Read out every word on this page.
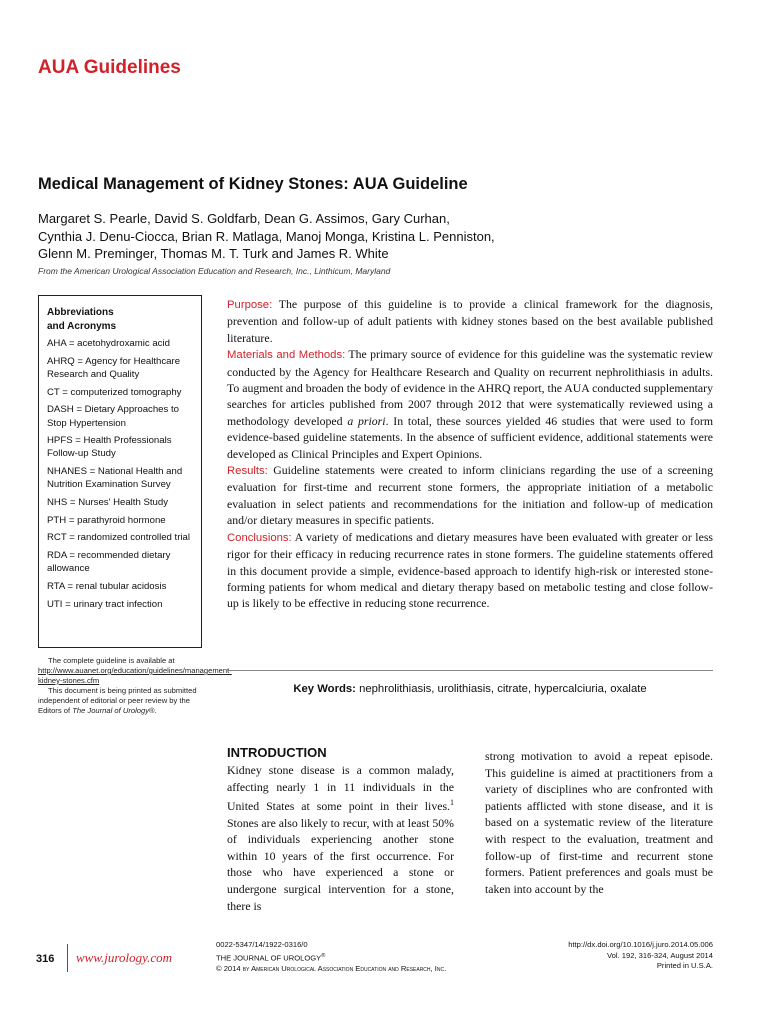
AUA Guidelines
Medical Management of Kidney Stones: AUA Guideline
Margaret S. Pearle, David S. Goldfarb, Dean G. Assimos, Gary Curhan,
Cynthia J. Denu-Ciocca, Brian R. Matlaga, Manoj Monga, Kristina L. Penniston,
Glenn M. Preminger, Thomas M. T. Turk and James R. White
From the American Urological Association Education and Research, Inc., Linthicum, Maryland
Abbreviations
and Acronyms
AHA = acetohydroxamic acid
AHRQ = Agency for Healthcare Research and Quality
CT = computerized tomography
DASH = Dietary Approaches to Stop Hypertension
HPFS = Health Professionals Follow-up Study
NHANES = National Health and Nutrition Examination Survey
NHS = Nurses' Health Study
PTH = parathyroid hormone
RCT = randomized controlled trial
RDA = recommended dietary allowance
RTA = renal tubular acidosis
UTI = urinary tract infection
The complete guideline is available at http://www.auanet.org/education/guidelines/management-kidney-stones.cfm
This document is being printed as submitted independent of editorial or peer review by the Editors of The Journal of Urology®.

Purpose: The purpose of this guideline is to provide a clinical framework for the diagnosis, prevention and follow-up of adult patients with kidney stones based on the best available published literature.

Materials and Methods: The primary source of evidence for this guideline was the systematic review conducted by the Agency for Healthcare Research and Quality on recurrent nephrolithiasis in adults. To augment and broaden the body of evidence in the AHRQ report, the AUA conducted supplementary searches for articles published from 2007 through 2012 that were systematically reviewed using a methodology developed a priori. In total, these sources yielded 46 studies that were used to form evidence-based guideline statements. In the absence of sufficient evidence, additional statements were developed as Clinical Principles and Expert Opinions.

Results: Guideline statements were created to inform clinicians regarding the use of a screening evaluation for first-time and recurrent stone formers, the appropriate initiation of a metabolic evaluation in select patients and recommendations for the initiation and follow-up of medication and/or dietary measures in specific patients.

Conclusions: A variety of medications and dietary measures have been evaluated with greater or less rigor for their efficacy in reducing recurrence rates in stone formers. The guideline statements offered in this document provide a simple, evidence-based approach to identify high-risk or interested stone-forming patients for whom medical and dietary therapy based on metabolic testing and close follow-up is likely to be effective in reducing stone recurrence.

Key Words: nephrolithiasis, urolithiasis, citrate, hypercalciuria, oxalate
INTRODUCTION
Kidney stone disease is a common malady, affecting nearly 1 in 11 individuals in the United States at some point in their lives.$^1$ Stones are also likely to recur, with at least 50% of individuals experiencing another stone within 10 years of the first occurrence. For those who have experienced a stone or undergone surgical intervention for a stone, there is
strong motivation to avoid a repeat episode. This guideline is aimed at practitioners from a variety of disciplines who are confronted with patients afflicted with stone disease, and it is based on a systematic review of the literature with respect to the evaluation, treatment and follow-up of first-time and recurrent stone formers. Patient preferences and goals must be taken into account by the
316 www.jurology.com
0022-5347/14/1922-0316/0
THE JOURNAL OF UROLOGY®
© 2014 by American Urological Association Education and Research, Inc.
http://dx.doi.org/10.1016/j.juro.2014.05.006
Vol. 192, 316-324, August 2014
Printed in U.S.A.
